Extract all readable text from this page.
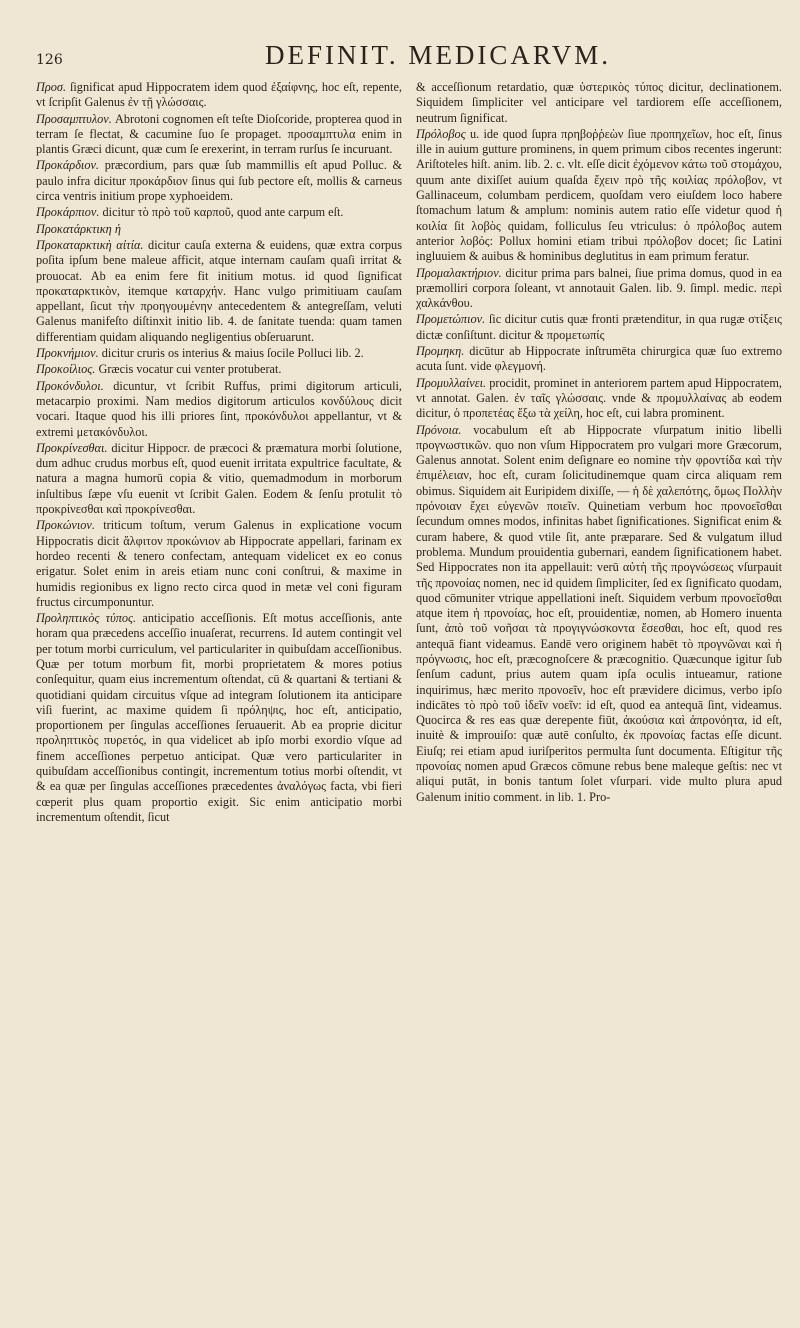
126	DEFINIT. MEDICARVM.

Προσ. ſignificat apud Hippocratem idem quod ἐξαίφνης, hoc eſt, repente, vt ſcripſit Galenus ἐν τῇ γλώσσαις.

Προσαμπτυλον. Abrotoni cognomen eſt teſte Dioſcoride, propterea quod in terram ſe flectat, & cacumine ſuo ſe propaget. προσαμπτυλα enim in plantis Græci dicunt, quæ cum ſe erexerint, in terram rurſus ſe incuruant.

Προκάρδιον. præcordium, pars quæ ſub mammillis eſt apud Polluc. & paulo infra dicitur προκάρδιον ſinus qui ſub pectore eſt, mollis & carneus circa ventris initium prope xyphoeidem.

Προκάρπιον. dicitur τὸ πρὸ τοῦ καρποῦ, quod ante carpum eſt.

Προκατάρκτικη ἡ

Προκαταρκτικὴ αἰτία. dicitur cauſa externa & euidens, quæ extra corpus poſita ipſum bene maleue afficit, atque internam cauſam quaſi irritat & prouocat. Ab ea enim fere fit initium motus. id quod ſignificat προκαταρκτικὸν, itemque καταρχήν. Hanc vulgo primitiuam cauſam appellant, ſicut τὴν προηγουμένην antecedentem & antegreſſam, veluti Galenus manifeſto diſtinxit initio lib. 4. de ſanitate tuenda: quam tamen differentiam quidam aliquando negligentius obſeruarunt.

Προκνήμιον. dicitur cruris os interius & maius ſocile Polluci lib. 2.

Προκοίλιος. Græcis vocatur cui vεnter protuberat.

Προκόνδυλοι. dicuntur, vt ſcribit Ruffus, primi digitorum articuli, metacarpio proximi. Nam medios digitorum articulos κονδύλους dicit vocari. Itaque quod his illi priores ſint, προκόνδυλοι appellantur, vt & extremi μετακόνδυλοι.

Προκρίνεσθαι. dicitur Hippocr. de præcoci & præmatura morbi ſolutione, dum adhuc crudus morbus eſt, quod euenit irritata expultrice facultate, & natura a magna humorū copia & vitio, quemadmodum in morborum inſultibus ſæpe vſu euenit vt ſcribit Galen. Eodem & ſenſu protulit τὸ προκρίνεσθαι καὶ προκρίνεσθαι.

Προκώνιον. triticum toſtum, verum Galenus in explicatione vocum Hippocratis dicit ἄλφιτον προκώνιον ab Hippocrate appellari, farinam ex hordeo recenti & tenero confectam, antequam videlicet ex eo conus erigatur. Solet enim in areis etiam nunc coni conſtrui, & maxime in humidis regionibus ex ligno recto circa quod in metæ vel coni figuram fructus circumponuntur.

Προληπτικὸς τύπος. anticipatio acceſſionis. Eſt motus acceſſionis, ante horam qua præcedens acceſſio inuaſerat, recurrens. Id autem contingit vel per totum morbi curriculum, vel particulariter in quibuſdam acceſſionibus. Quæ per totum morbum fit, morbi proprietatem & mores potius conſequitur, quam eius incrementum oſtendat, cū & quartani & tertiani & quotidiani quidam circuitus vſque ad integram ſolutionem ita anticipare viſi fuerint, ac maxime quidem ſi πρόληψις, hoc eſt, anticipatio, proportionem per ſingulas acceſſiones ſeruauerit. Ab ea proprie dicitur προληπτικὸς πυρετός, in qua videlicet ab ipſo morbi exordio vſque ad finem acceſſiones perpetuo anticipat. Quæ vero particulariter in quibuſdam acceſſionibus contingit, incrementum totius morbi oſtendit, vt & ea quæ per ſingulas acceſſiones præcedentes ἀναλόγως facta, vbi fieri cœperit plus quam proportio exigit. Sic enim anticipatio morbi incrementum oſtendit, ſicut

& acceſſionum retardatio, quæ ὑστερικὸς τύπος dicitur, declinationem. Siquidem ſimpliciter vel anticipare vel tardiorem eſſe acceſſionem, neutrum ſignificat.

Πρόλοβος u. ide quod ſupra πρηβοῤῥεὼν ſiue προπηχεῖων, hoc eſt, ſinus ille in auium gutture prominens, in quem primum cibos recentes ingerunt: Ariſtoteles hiſt. anim. lib. 2. c. vlt. eſſe dicit ἐχόμενον κάτω τοῦ στομάχου, quum ante dixiſſet auium quaſda ἔχειν πρὸ τῆς κοιλίας πρόλοβον, vt Gallinaceum, columbam perdicem, quoſdam vero eiuſdem loco habere ſtomachum latum & amplum: nominis autem ratio eſſe videtur quod ἡ κοιλία ſit λοβὸς quidam, folliculus ſeu vtriculus: ὁ πρόλοβος autem anterior λοβός: Pollux homini etiam tribui πρόλοβον docet; ſic Latini ingluuiem & auibus & hominibus deglutitus in eam primum feratur.

Προμαλακτήριον. dicitur prima pars balnei, ſiue prima domus, quod in ea præmolliri corpora ſoleant, vt annotauit Galen. lib. 9. ſimpl. medic. περὶ χαλκάνθου.

Προμετώπιον. ſic dicitur cutis quæ fronti prætenditur, in qua rugæ στίξεις dictæ conſiſtunt. dicitur & προμετωπίς

Προμηκη. dicūtur ab Hippocrate inſtrumēta chirurgica quæ ſuo extremo acuta ſunt. vide φλεγμονή.

Προμυλλαίνει. procidit, prominet in anteriorem partem apud Hippocratem, vt annotat. Galen. ἐν ταῖς γλώσσαις. vnde & προμυλλαίνας ab eodem dicitur, ὁ προπετέας ἔξω τὰ χείλη, hoc eſt, cui labra prominent.

Πρόνοια. vocabulum eſt ab Hippocrate vſurpatum initio libelli προγνωστικῶν. quo non vſum Hippocratem pro vulgari more Græcorum, Galenus annotat. Solent enim deſignare eo nomine τὴν φροντίδα καὶ τὴν ἐπιμέλειαν, hoc eſt, curam ſolicitudinemque quam circa aliquam rem obimus. Siquidem ait Euripidem dixiſſe, — ἡ δὲ χαλεπότης, ὅμως Πολλὴν πρόνοιαν ἔχει εὐγενῶν ποιεῖν. Quinetiam verbum hoc προνοεῖσθαι ſecundum omnes modos, infinitas habet ſignificationes. Significat enim & curam habere, & quod vtile ſit, ante præparare. Sed & vulgatum illud problema. Mundum prouidentia gubernari, eandem ſignificationem habet. Sed Hippocrates non ita appellauit: verū αὐτὴ τῆς προγνώσεως vſurpauit τῆς προνοίας nomen, nec id quidem ſimpliciter, ſed ex ſignificato quodam, quod cōmuniter vtrique appellationi ineſt. Siquidem verbum προνοεῖσθαι atque item ἡ προνοίας, hoc eſt, prouidentiæ, nomen, ab Homero inuenta ſunt, ἀπὸ τοῦ νοῆσαι τὰ προγιγνώσκοντα ἔσεσθαι, hoc eſt, quod res antequā fiant videamus. Eandē vero originem habēt τὸ προγνῶναι καὶ ἡ πρόγνωσις, hoc eſt, præcognoſcere & præcognitio. Quæcunque igitur ſub ſenſum cadunt, prius autem quam ipſa oculis intueamur, ratione inquirimus, hæc merito προνοεῖν, hoc eſt prævidere dicimus, verbo ipſo indicātes τὸ πρὸ τοῦ ἰδεῖν νοεῖν: id eſt, quod ea antequā ſint, videamus. Quocirca & res eas quæ derepente fiūt, ἀκούσια καὶ ἀπρονόητα, id eſt, inuitè & improuiſo: quæ autē conſulto, ἐκ προνοίας factas eſſe dicunt. Eiuſq; rei etiam apud iuriſperitos permulta ſunt documenta. Eſtigitur τῆς προνοίας nomen apud Græcos cōmune rebus bene maleque geſtis: nec vt aliqui putāt, in bonis tantum ſolet vſurpari. vide multo plura apud Galenum initio comment. in lib. 1. Pro-
